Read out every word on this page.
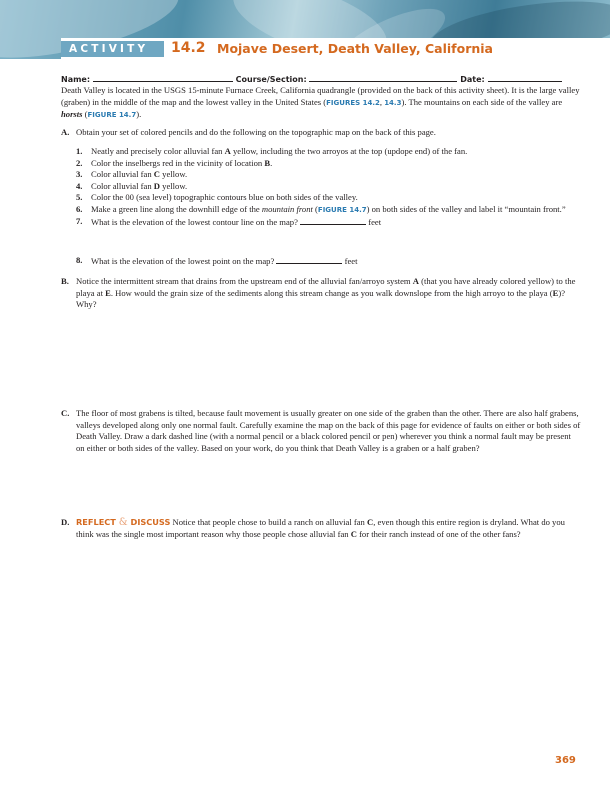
ACTIVITY	14.2 Mojave Desert, Death Valley, California
Name:	Course/Section:	Date:
Death Valley is located in the USGS 15-minute Furnace Creek, California quadrangle (provided on the back of this activity sheet). It is the large valley (graben) in the middle of the map and the lowest valley in the United States (FIGURES 14.2, 14.3). The mountains on each side of the valley are horsts (FIGURE 14.7).
A. Obtain your set of colored pencils and do the following on the topographic map on the back of this page.
1. Neatly and precisely color alluvial fan A yellow, including the two arroyos at the top (updope end) of the fan.
2. Color the inselbergs red in the vicinity of location B.
3. Color alluvial fan C yellow.
4. Color alluvial fan D yellow.
5. Color the 00 (sea level) topographic contours blue on both sides of the valley.
6. Make a green line along the downhill edge of the mountain front (FIGURE 14.7) on both sides of the valley and label it “mountain front.”
7. What is the elevation of the lowest contour line on the map?	feet
8. What is the elevation of the lowest point on the map?	feet
B. Notice the intermittent stream that drains from the upstream end of the alluvial fan/arroyo system A (that you have already colored yellow) to the playa at E. How would the grain size of the sediments along this stream change as you walk downslope from the high arroyo to the playa (E)? Why?
C. The floor of most grabens is tilted, because fault movement is usually greater on one side of the graben than the other. There are also half grabens, valleys developed along only one normal fault. Carefully examine the map on the back of this page for evidence of faults on either or both sides of Death Valley. Draw a dark dashed line (with a normal pencil or a black colored pencil or pen) wherever you think a normal fault may be present on either or both sides of the valley. Based on your work, do you think that Death Valley is a graben or a half graben?
D. REFLECT & DISCUSS Notice that people chose to build a ranch on alluvial fan C, even though this entire region is dryland. What do you think was the single most important reason why those people chose alluvial fan C for their ranch instead of one of the other fans?
369
